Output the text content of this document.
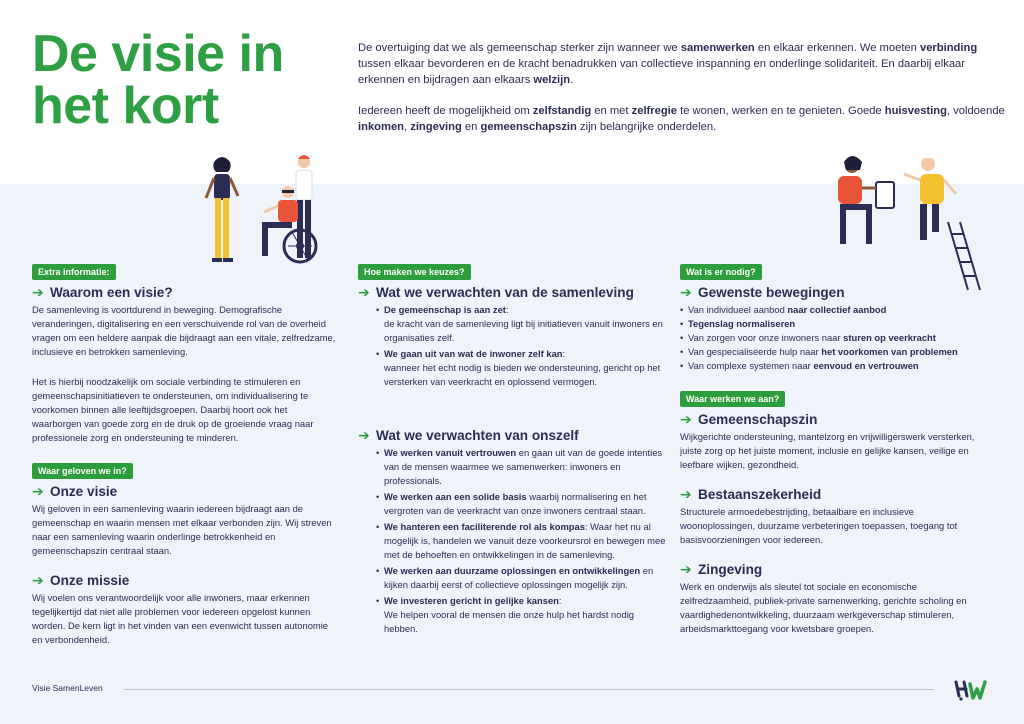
De visie in het kort

De overtuiging dat we als gemeenschap sterker zijn wanneer we samenwerken en elkaar erkennen. We moeten verbinding tussen elkaar bevorderen en de kracht benadrukken van collectieve inspanning en onderlinge solidariteit. En daarbij elkaar erkennen en bijdragen aan elkaars welzijn.

Iedereen heeft de mogelijkheid om zelfstandig en met zelfregie te wonen, werken en te genieten. Goede huisvesting, voldoende inkomen, zingeving en gemeenschapszin zijn belangrijke onderdelen.

Extra informatie:
➔ Waarom een visie?
De samenleving is voortdurend in beweging. Demografische veranderingen, digitalisering en een verschuivende rol van de overheid vragen om een heldere aanpak die bijdraagt aan een vitale, zelfredzame, inclusieve en betrokken samenleving.
Het is hierbij noodzakelijk om sociale verbinding te stimuleren en gemeenschapsinitiatieven te ondersteunen, om individualisering te voorkomen binnen alle leeftijdsgroepen. Daarbij hoort ook het waarborgen van goede zorg en de druk op de groeiende vraag naar professionele zorg en ondersteuning te minderen.
Waar geloven we in?
➔ Onze visie
Wij geloven in een samenleving waarin iedereen bijdraagt aan de gemeenschap en waarin mensen met elkaar verbonden zijn. Wij streven naar een samenleving waarin onderlinge betrokkenheid en gemeenschapszin centraal staan.
➔ Onze missie
Wij voelen ons verantwoordelijk voor alle inwoners, maar erkennen tegelijkertijd dat niet alle problemen voor iedereen opgelost kunnen worden. De kern ligt in het vinden van een evenwicht tussen autonomie en verbondenheid.
Hoe maken we keuzes?
➔ Wat we verwachten van de samenleving
• De gemeenschap is aan zet:
de kracht van de samenleving ligt bij initiatieven vanuit inwoners en organisaties zelf.
• We gaan uit van wat de inwoner zelf kan:
wanneer het echt nodig is bieden we ondersteuning, gericht op het versterken van veerkracht en oplossend vermogen.
➔ Wat we verwachten van onszelf
• We werken vanuit vertrouwen en gaan uit van de goede intenties van de mensen waarmee we samenwerken: inwoners en professionals.
• We werken aan een solide basis waarbij normalisering en het vergroten van de veerkracht van onze inwoners centraal staan.
• We hanteren een faciliterende rol als kompas: Waar het nu al mogelijk is, handelen we vanuit deze voorkeursrol en bewegen mee met de behoeften en ontwikkelingen in de samenleving.
• We werken aan duurzame oplossingen en ontwikkelingen en kijken daarbij eerst of collectieve oplossingen mogelijk zijn.
• We investeren gericht in gelijke kansen:
We helpen vooral de mensen die onze hulp het hardst nodig hebben.
Wat is er nodig?
➔ Gewenste bewegingen
• Van individueel aanbod naar collectief aanbod
• Tegenslag normaliseren
• Van zorgen voor onze inwoners naar sturen op veerkracht
• Van gespecialiseerde hulp naar het voorkomen van problemen
• Van complexe systemen naar eenvoud en vertrouwen
Waar werken we aan?
➔ Gemeenschapszin
Wijkgerichte ondersteuning, mantelzorg en vrijwilligerswerk versterken, juiste zorg op het juiste moment, inclusie en gelijke kansen, veilige en leefbare wijken, gezondheid.
➔ Bestaanszekerheid
Structurele armoedebestrijding, betaalbare en inclusieve woonoplossingen, duurzame verbeteringen toepassen, toegang tot basisvoorzieningen voor iedereen.
➔ Zingeving
Werk en onderwijs als sleutel tot sociale en economische zelfredzaamheid, publiek-private samenwerking, gerichte scholing en vaardighedenontwikkeling, duurzaam werkgeverschap stimuleren, arbeidsmarkttoegang voor kwetsbare groepen.
Visie SamenLeven
